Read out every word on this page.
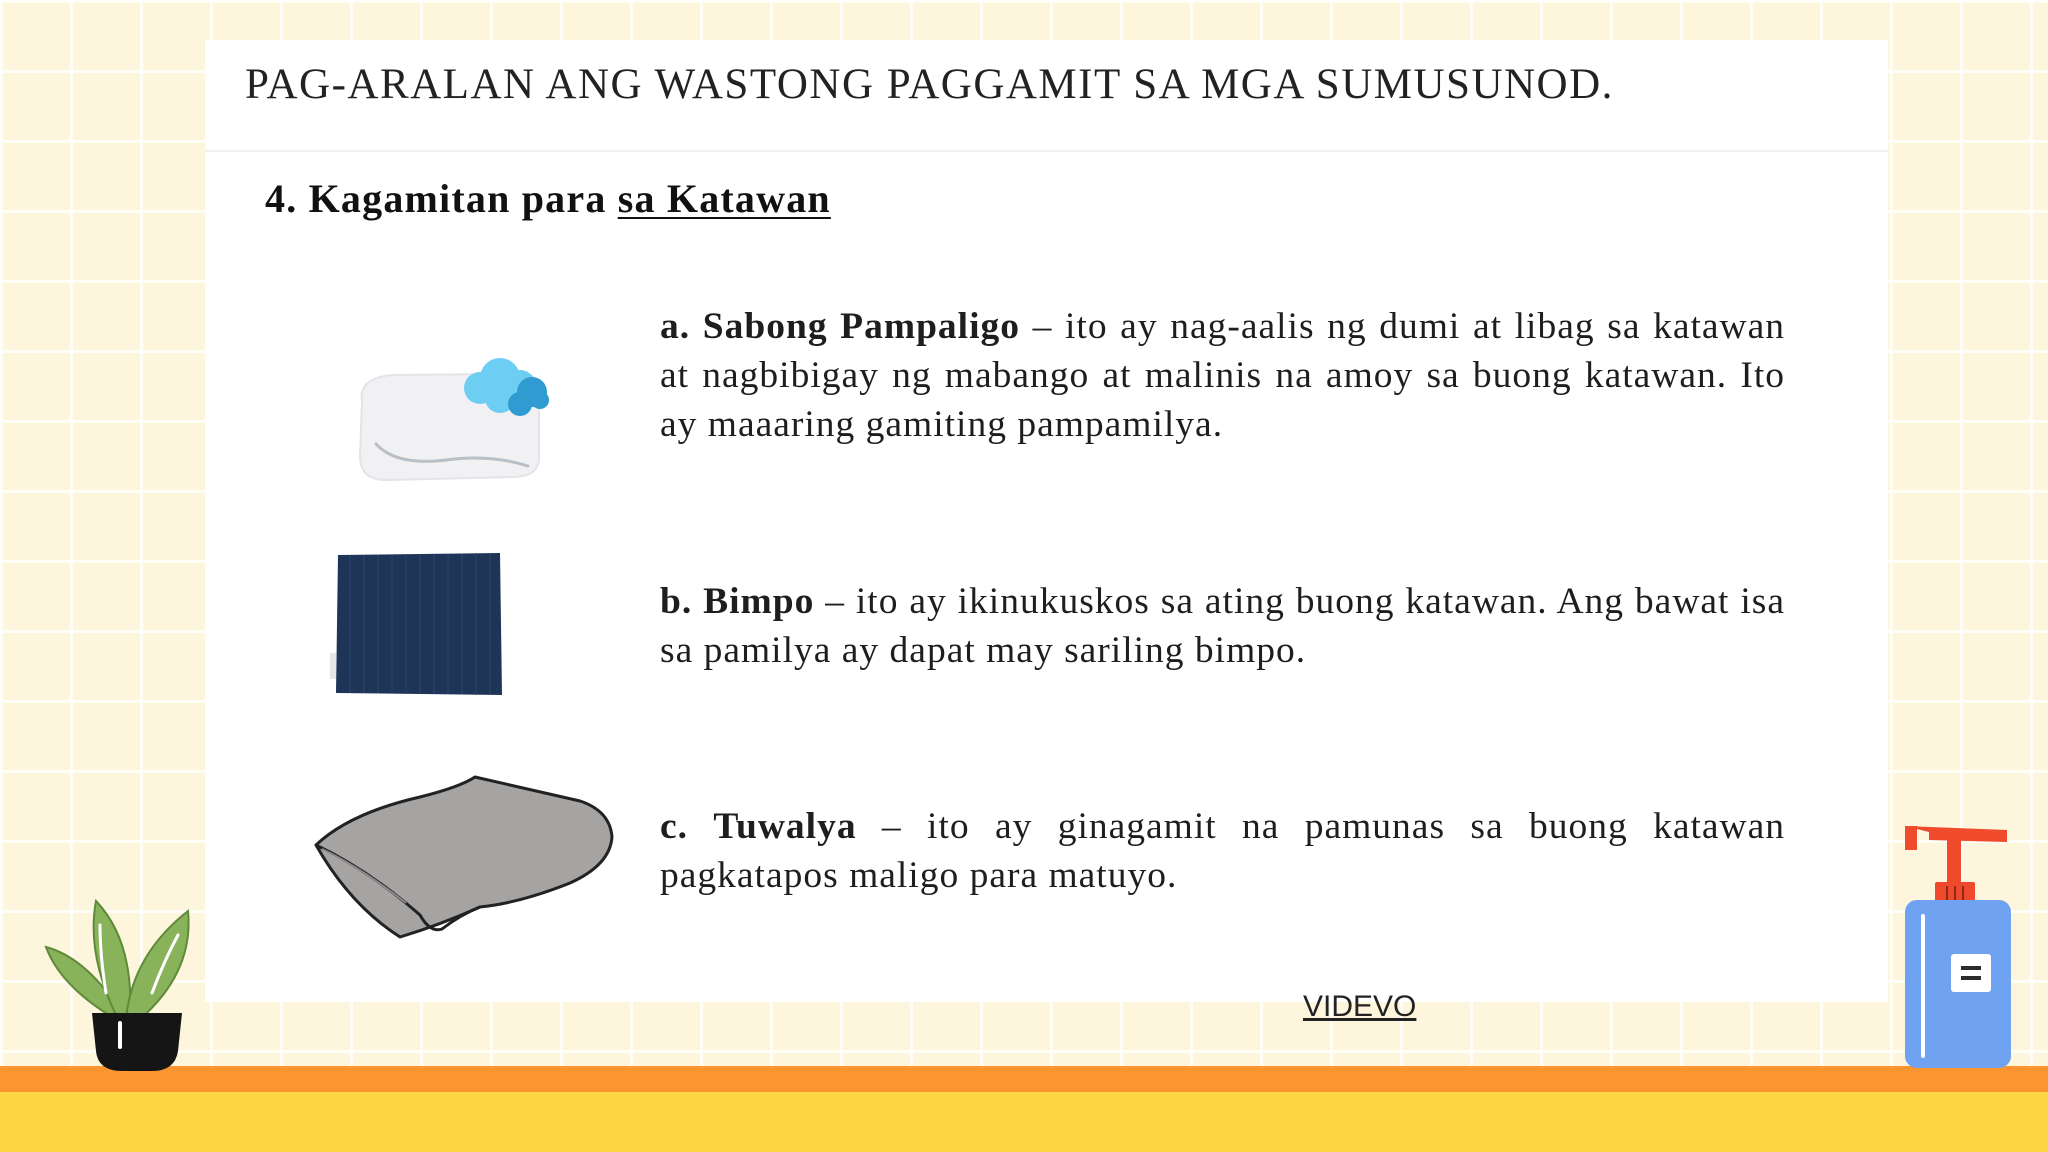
PAG-ARALAN ANG WASTONG PAGGAMIT SA MGA SUMUSUNOD.
4. Kagamitan para sa Katawan
a. Sabong Pampaligo – ito ay nag-aalis ng dumi at libag sa katawan at nagbibigay ng mabango at malinis na amoy sa buong katawan. Ito ay maaaring gamiting pampamilya.
b. Bimpo – ito ay ikinukuskos sa ating buong katawan. Ang bawat isa sa pamilya ay dapat may sariling bimpo.
c. Tuwalya – ito ay ginagamit na pamunas sa buong katawan pagkatapos maligo para matuyo.
VIDEVO
